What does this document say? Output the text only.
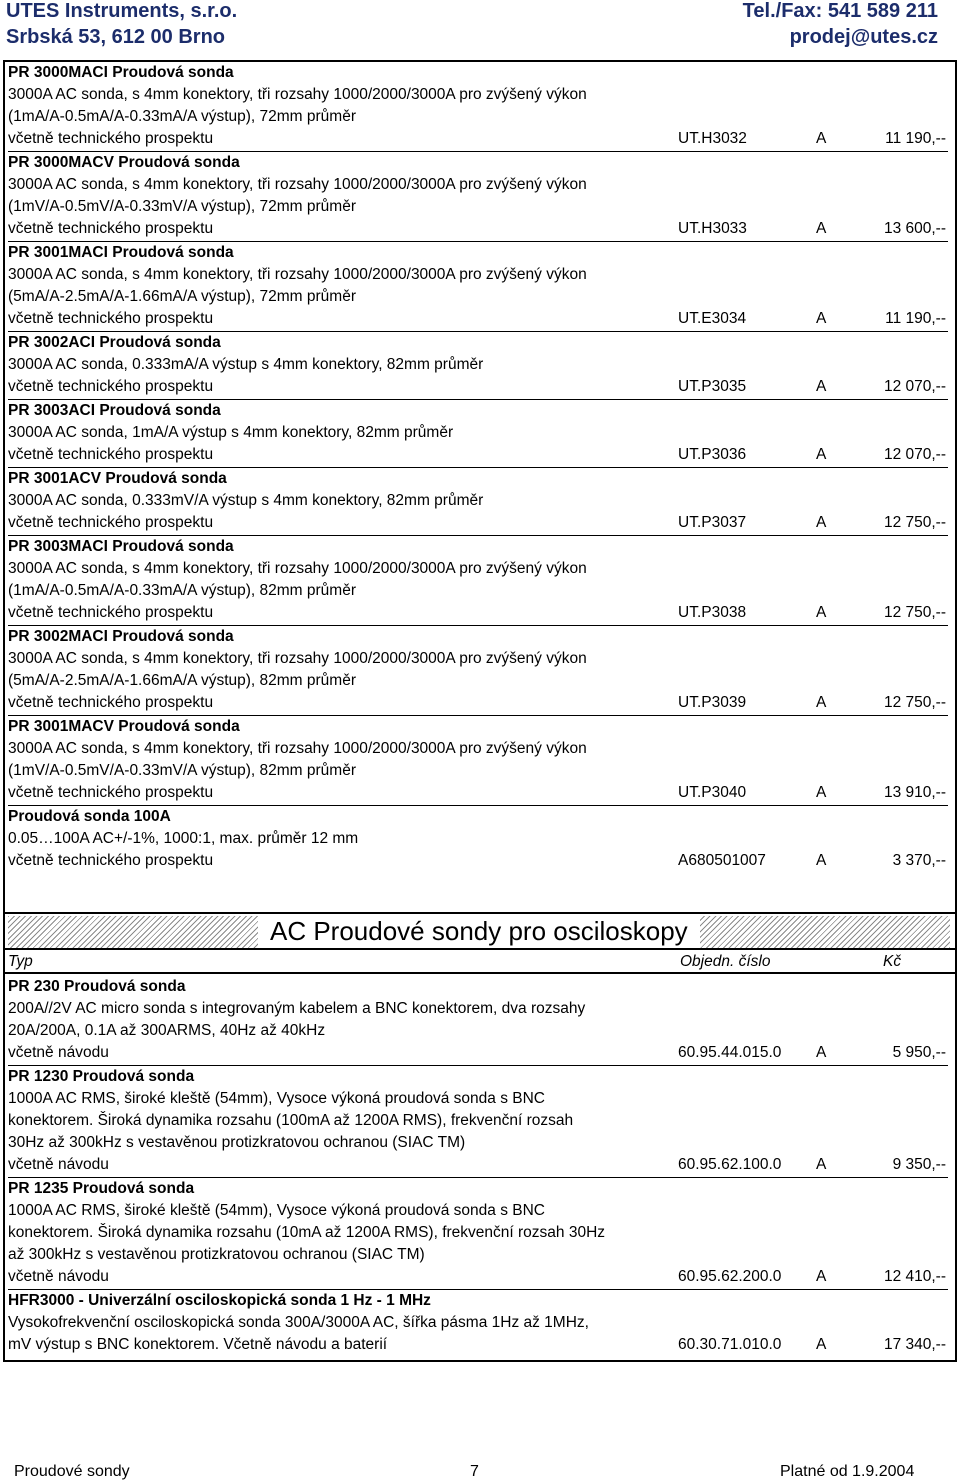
UTES Instruments, s.r.o.
Srbská 53, 612 00 Brno
Tel./Fax: 541 589 211
prodej@utes.cz
AC Proudové sondy pro osciloskopy
Typ	Objedn. číslo	Kč
PR 3000MACI Proudová sonda
3000A AC sonda, s 4mm konektory, tři rozsahy 1000/2000/3000A pro zvýšený výkon
(1mA/A-0.5mA/A-0.33mA/A výstup), 72mm průměr
včetně technického prospektu	UT.H3032	A	11 190,--
PR 3000MACV Proudová sonda
3000A AC sonda, s 4mm konektory, tři rozsahy 1000/2000/3000A pro zvýšený výkon
(1mV/A-0.5mV/A-0.33mV/A výstup), 72mm průměr
včetně technického prospektu	UT.H3033	A	13 600,--
PR 3001MACI Proudová sonda
3000A AC sonda, s 4mm konektory, tři rozsahy 1000/2000/3000A pro zvýšený výkon
(5mA/A-2.5mA/A-1.66mA/A výstup), 72mm průměr
včetně technického prospektu	UT.E3034	A	11 190,--
PR 3002ACI Proudová sonda
3000A AC sonda, 0.333mA/A výstup s 4mm konektory, 82mm průměr
včetně technického prospektu	UT.P3035	A	12 070,--
PR 3003ACI Proudová sonda
3000A AC sonda, 1mA/A výstup s 4mm konektory, 82mm průměr
včetně technického prospektu	UT.P3036	A	12 070,--
PR 3001ACV Proudová sonda
3000A AC sonda, 0.333mV/A výstup s 4mm konektory, 82mm průměr
včetně technického prospektu	UT.P3037	A	12 750,--
PR 3003MACI Proudová sonda
3000A AC sonda, s 4mm konektory, tři rozsahy 1000/2000/3000A pro zvýšený výkon
(1mA/A-0.5mA/A-0.33mA/A výstup), 82mm průměr
včetně technického prospektu	UT.P3038	A	12 750,--
PR 3002MACI Proudová sonda
3000A AC sonda, s 4mm konektory, tři rozsahy 1000/2000/3000A pro zvýšený výkon
(5mA/A-2.5mA/A-1.66mA/A výstup), 82mm průměr
včetně technického prospektu	UT.P3039	A	12 750,--
PR 3001MACV Proudová sonda
3000A AC sonda, s 4mm konektory, tři rozsahy 1000/2000/3000A pro zvýšený výkon
(1mV/A-0.5mV/A-0.33mV/A výstup), 82mm průměr
včetně technického prospektu	UT.P3040	A	13 910,--
Proudová sonda 100A
0.05…100A AC+/-1%, 1000:1, max. průměr 12 mm
včetně technického prospektu	A680501007	A	3 370,--
PR 230 Proudová sonda
200A//2V AC micro sonda s integrovaným kabelem a BNC konektorem, dva rozsahy
20A/200A, 0.1A až 300ARMS, 40Hz až 40kHz
včetně návodu	60.95.44.015.0 A	5 950,--
PR 1230 Proudová sonda
1000A AC RMS, široké kleště (54mm), Vysoce výkoná proudová sonda s BNC
konektorem. Široká dynamika rozsahu (100mA až 1200A RMS), frekvenční rozsah
30Hz až 300kHz s vestavěnou protizkratovou ochranou (SIAC TM)
včetně návodu	60.95.62.100.0 A	9 350,--
PR 1235 Proudová sonda
1000A AC RMS, široké kleště (54mm), Vysoce výkoná proudová sonda s BNC
konektorem. Široká dynamika rozsahu (10mA až 1200A RMS), frekvenční rozsah 30Hz
až 300kHz s vestavěnou protizkratovou ochranou (SIAC TM)
včetně návodu	60.95.62.200.0 A	12 410,--
HFR3000 - Univerzální osciloskopická sonda 1 Hz - 1 MHz
Vysokofrekvenční osciloskopická sonda 300A/3000A AC, šířka pásma 1Hz až 1MHz,
mV výstup s BNC konektorem. Včetně návodu a baterií	60.30.71.010.0 A	17 340,--
Proudové sondy	7	Platné od 1.9.2004
